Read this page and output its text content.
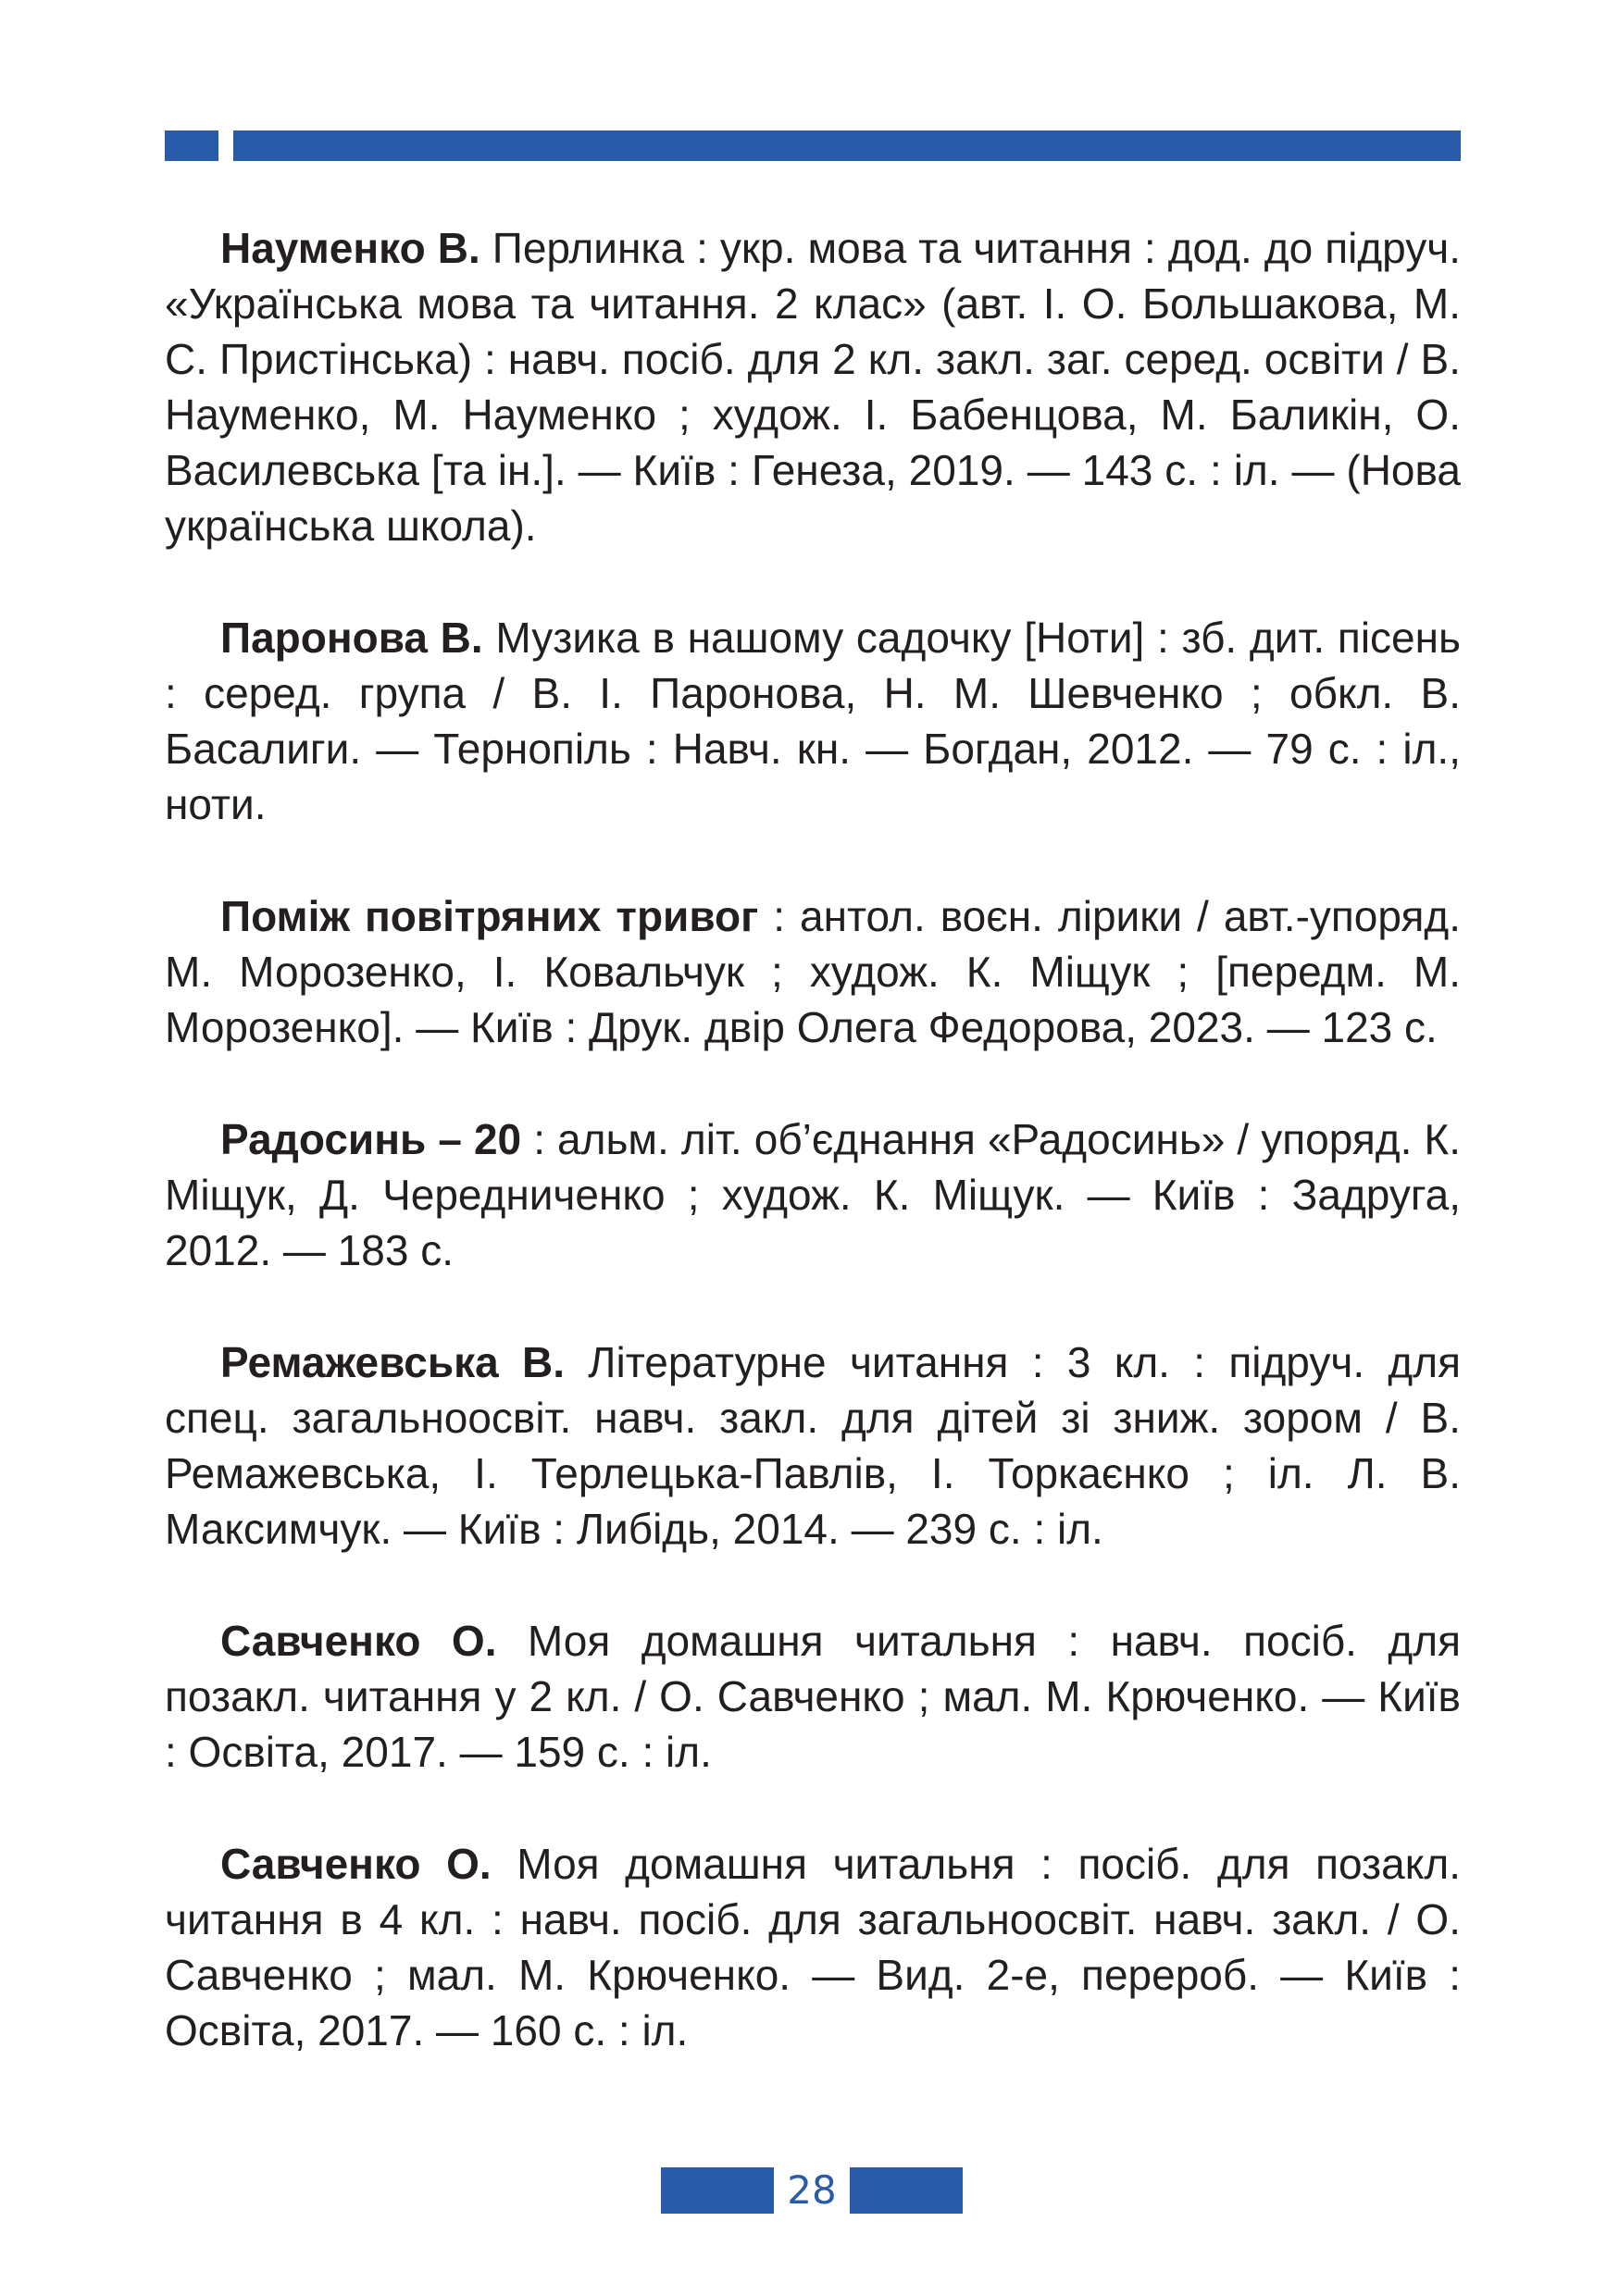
Науменко В. Перлинка : укр. мова та читання : дод. до підруч. «Українська мова та читання. 2 клас» (авт. І. О. Большакова, М. С. Пристінська) : навч. посіб. для 2 кл. закл. заг. серед. освіти / В. Науменко, М. Науменко ; худож. І. Бабенцова, М. Баликін, О. Василевська [та ін.]. — Київ : Генеза, 2019. — 143 с. : іл. — (Нова українська школа).

Паронова В. Музика в нашому садочку [Ноти] : зб. дит. пісень : серед. група / В. І. Паронова, Н. М. Шевченко ; обкл. В. Басалиги. — Тернопіль : Навч. кн. — Богдан, 2012. — 79 с. : іл., ноти.

Поміж повітряних тривог : антол. воєн. лірики / авт.-упоряд. М. Морозенко, І. Ковальчук ; худож. К. Міщук ; [передм. М. Морозенко]. — Київ : Друк. двір Олега Федорова, 2023. — 123 с.

Радосинь – 20 : альм. літ. об’єднання «Радосинь» / упоряд. К. Міщук, Д. Чередниченко ; худож. К. Міщук. — Київ : Задруга, 2012. — 183 с.

Ремажевська В. Літературне читання : 3 кл. : підруч. для спец. загальноосвіт. навч. закл. для дітей зі зниж. зором / В. Ремажевська, І. Терлецька-Павлів, І. Торкаєнко ; іл. Л. В. Максимчук. — Київ : Либідь, 2014. — 239 с. : іл.

Савченко О. Моя домашня читальня : навч. посіб. для позакл. читання у 2 кл. / О. Савченко ; мал. М. Крюченко. — Київ : Освіта, 2017. — 159 с. : іл.

Савченко О. Моя домашня читальня : посіб. для позакл. читання в 4 кл. : навч. посіб. для загальноосвіт. навч. закл. / О. Савченко ; мал. М. Крюченко. — Вид. 2-е, перероб. — Київ : Освіта, 2017. — 160 с. : іл.

28
